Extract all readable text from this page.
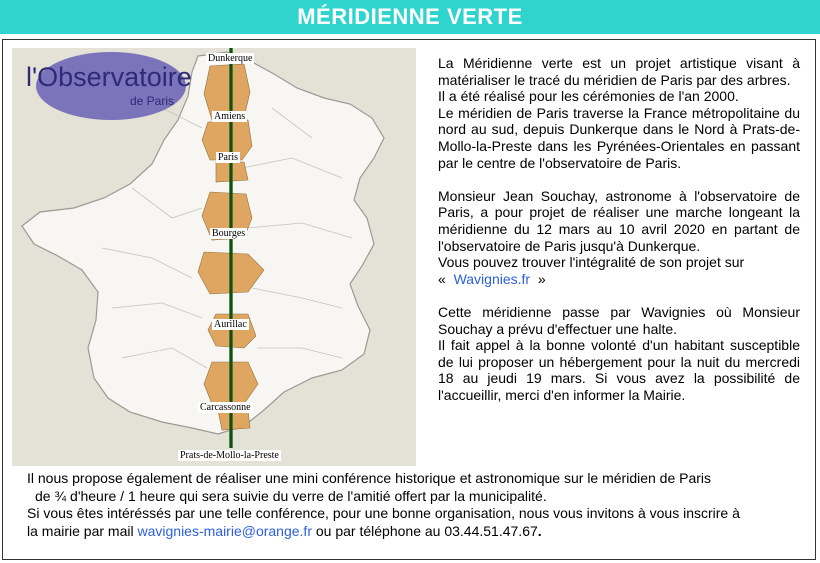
MÉRIDIENNE VERTE
l'Observatoire
de Paris
Dunkerque
Amiens
Paris
Bourges
Aurillac
Carcassonne
Prats-de-Mollo-la-Preste

La Méridienne verte est un projet artistique visant à matérialiser le tracé du méridien de Paris par des arbres.

Il a été réalisé pour les cérémonies de l'an 2000.

Le méridien de Paris traverse la France métropolitaine du nord au sud, depuis Dunkerque dans le Nord à Prats-de-Mollo-la-Preste dans les Pyrénées-Orientales en passant par le centre de l'observatoire de Paris.

Monsieur Jean Souchay, astronome à l'observatoire de Paris, a pour projet de réaliser une marche longeant la méridienne du 12 mars au 10 avril 2020 en partant de l'observatoire de Paris jusqu'à Dunkerque.

Vous pouvez trouver l'intégralité de son projet sur

« Wavignies.fr »

Cette méridienne passe par Wavignies où Monsieur Souchay a prévu d'effectuer une halte.

Il fait appel à la bonne volonté d'un habitant susceptible de lui proposer un hébergement pour la nuit du mercredi 18 au jeudi 19 mars. Si vous avez la possibilité de l'accueillir, merci d'en informer la Mairie.

Il nous propose également de réaliser une mini conférence historique et astronomique sur le méridien de Paris

de ¾ d'heure / 1 heure qui sera suivie du verre de l'amitié offert par la municipalité.

Si vous êtes intéréssés par une telle conférence, pour une bonne organisation, nous vous invitons à vous inscrire à

la mairie par mail wavignies-mairie@orange.fr ou par téléphone au 03.44.51.47.67.
